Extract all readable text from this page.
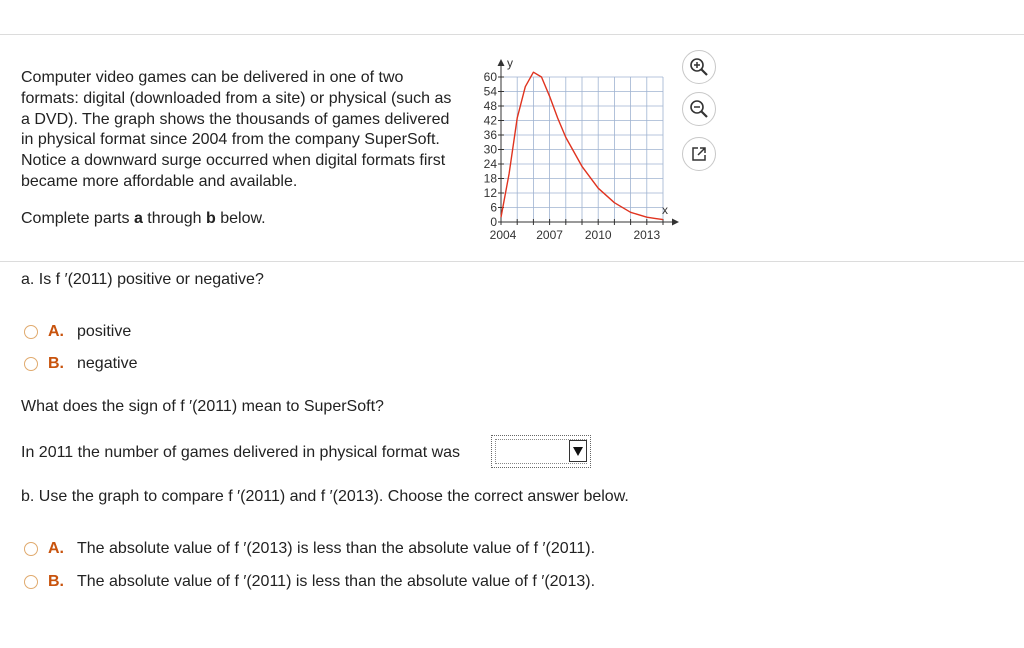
Computer video games can be delivered in one of two
formats: digital (downloaded from a site) or physical (such as
a DVD). The graph shows the thousands of games delivered
in physical format since 2004 from the company SuperSoft.
Notice a downward surge occurred when digital formats first
became more affordable and available.
Complete parts a through b below.	0
6
12
18
24
30
36
42
48
54
60
2004 2007 2010 2013
y
x
a. Is f ′(2011) positive or negative?
A. positive
B. negative
What does the sign of f ′(2011) mean to SuperSoft?
In 2011 the number of games delivered in physical format was
b. Use the graph to compare f ′(2011) and f ′(2013). Choose the correct answer below.
A. The absolute value of f ′(2013) is less than the absolute value of f ′(2011).
B. The absolute value of f ′(2011) is less than the absolute value of f ′(2013).
